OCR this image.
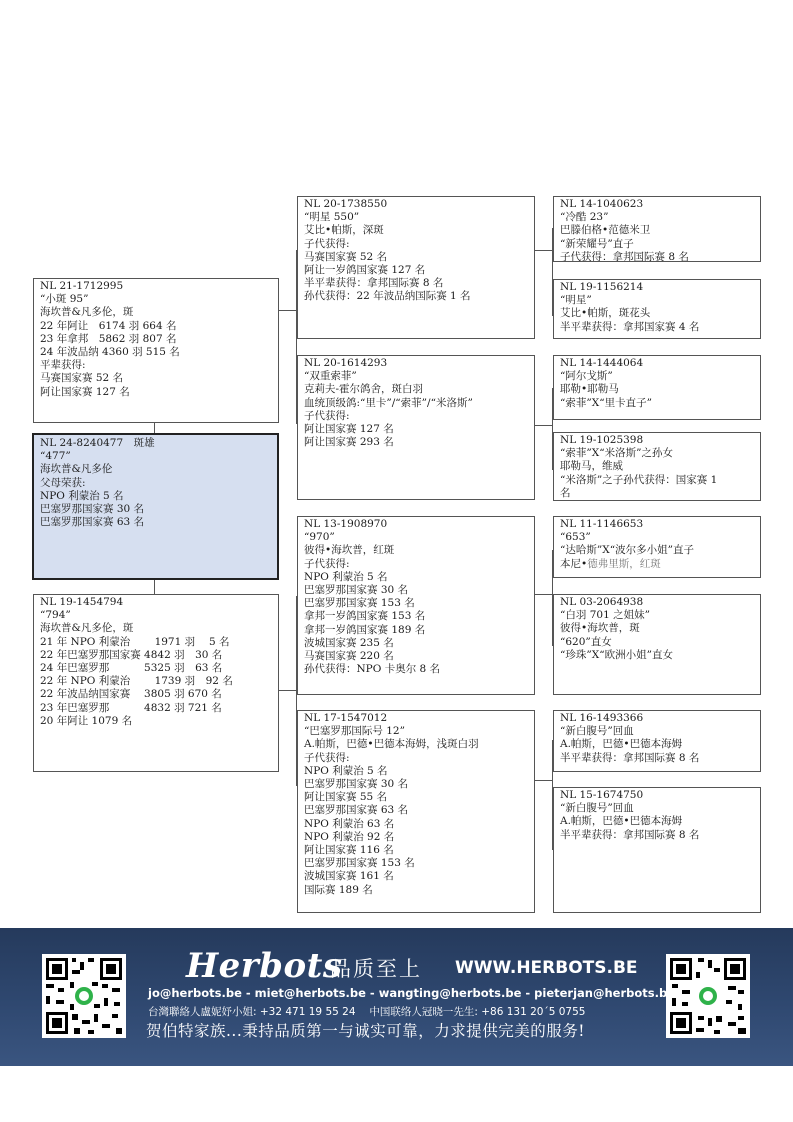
NL 21-1712995
“小斑 95”
海坎普&凡多伦，斑
22 年阿让　6174 羽 664 名
23 年拿邦　5862 羽 807 名
24 年波品纳 4360 羽 515 名
平辈获得:
马赛国家赛 52 名
阿让国家赛 127 名
NL 24-8240477　斑雄
“477”
海坎普&凡多伦
父母荣获:
NPO 利蒙治 5 名
巴塞罗那国家赛 30 名
巴塞罗那国家赛 63 名
NL 19-1454794
“794”
海坎普&凡多伦，斑
21 年 NPO 利蒙治　　 1971 羽　 5 名
22 年巴塞罗那国家赛 4842 羽　30 名
24 年巴塞罗那　　　 5325 羽　63 名
22 年 NPO 利蒙治　　 1739 羽　92 名
22 年波品纳国家赛　 3805 羽 670 名
23 年巴塞罗那　　　 4832 羽 721 名
20 年阿让 1079 名
NL 20-1738550
“明星 550”
艾比•帕斯，深斑
子代获得:
马赛国家赛 52 名
阿让一岁鸽国家赛 127 名
半平辈获得：拿邦国际赛 8 名
孙代获得：22 年波品纳国际赛 1 名
NL 20-1614293
“双重索菲”
克莉夫-霍尔鸽舍，斑白羽
血统顶级鸽:“里卡”/“索菲”/“米洛斯”
子代获得:
阿让国家赛 127 名
阿让国家赛 293 名
NL 13-1908970
“970”
彼得•海坎普，红斑
子代获得:
NPO 利蒙治 5 名
巴塞罗那国家赛 30 名
巴塞罗那国家赛 153 名
拿邦一岁鸽国家赛 153 名
拿邦一岁鸽国家赛 189 名
波城国家赛 235 名
马赛国家赛 220 名
孙代获得：NPO 卡奥尔 8 名
NL 17-1547012
“巴塞罗那国际号 12”
A.帕斯，巴德•巴德本海姆，浅斑白羽
子代获得:
NPO 利蒙治 5 名
巴塞罗那国家赛 30 名
阿让国家赛 55 名
巴塞罗那国家赛 63 名
NPO 利蒙治 63 名
NPO 利蒙治 92 名
阿让国家赛 116 名
巴塞罗那国家赛 153 名
波城国家赛 161 名
国际赛 189 名
NL 14-1040623
“冷酷 23”
巴滕伯格•范德米卫
“新荣耀号”直子
子代获得：拿邦国际赛 8 名
NL 19-1156214
“明星”
艾比•帕斯，斑花头
半平辈获得：拿邦国家赛 4 名
NL 14-1444064
“阿尔戈斯”
耶勒•耶勒马
“索菲”X“里卡直子”
NL 19-1025398
“索菲”X“米洛斯”之孙女
耶勒马，维威
“米洛斯”之子孙代获得：国家赛 1
名
NL 11-1146653
“653”
“达哈斯”X“波尔多小姐”直子
本尼•德弗里斯，红斑
NL 03-2064938
“白羽 701 之姐妹”
彼得•海坎普，斑
“620”直女
“珍珠”X“欧洲小姐”直女
NL 16-1493366
“新白腹号”回血
A.帕斯，巴德•巴德本海姆
半平辈获得：拿邦国际赛 8 名
NL 15-1674750
“新白腹号”回血
A.帕斯，巴德•巴德本海姆
半平辈获得：拿邦国际赛 8 名
Herbots
品质至上 WWW.HERBOTS.BE
jo@herbots.be - miet@herbots.be - wangting@herbots.be - pieterjan@herbots.be
台灣聯絡人盧妮妤小姐: +32 471 19 55 24　 中国联络人冠晓一先生: +86 131 20´5 0755
贺伯特家族...秉持品质第一与诚实可靠，力求提供完美的服务!
